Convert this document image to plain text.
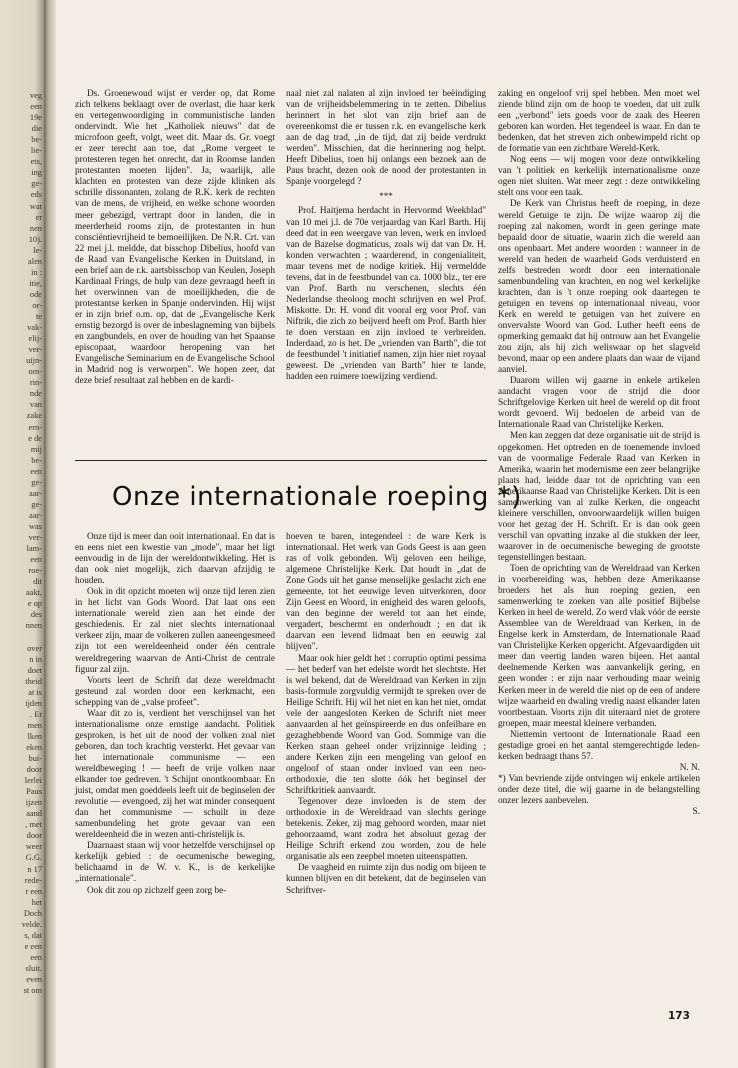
veg
een
19e
die
be-
lie-
ets,
ing
ge-
eds
wat
er
nen
10).
le-
alen
in :
itie,
ode
or-
te
vak-
elij-
ver-
uijn-
om-
rin-
nde
van
zake
ern-
e de
mij
be-
een
ge-
aar-
ge-
aar-
was
ver-
lam-
een
roe-
dit
aakt,
e op
des
nnen
over
n in
doet
theid
at is
ijden
. Er
men
lken
eken
bui-
door
lerlei
Paus
ijzen
aand
, met
door
weer
G.G.
n 17
rede-
r een
het
Doch
velde.
s, dat
e een
een
sluit.
even
st om

Ds. Groenewoud wijst er verder op, dat Rome zich telkens beklaagt over de overlast, die haar kerk en vertegenwoordiging in communistische landen ondervindt. Wie het „Katholiek nieuws" dat de microfoon geeft, volgt, weet dit. Maar ds. Gr. voegt er zeer terecht aan toe, dat „Rome vergeet te protesteren tegen het onrecht, dat in Roomse landen protestanten moeten lijden". Ja, waarlijk, alle klachten en protesten van deze zijde klinken als schrille dissonanten, zolang de R.K. kerk de rechten van de mens, de vrijheid, en welke schone woorden meer gebezigd, vertrapt door in landen, die in meerderheid rooms zijn, de protestanten in hun consciëntievrijheid te bemoeilijken. De N.R. Crt. van 22 mei j.l. meldde, dat bisschop Dibelius, hoofd van de Raad van Evangelische Kerken in Duitsland, in een brief aan de r.k. aartsbisschop van Keulen, Joseph Kardinaal Frings, de hulp van deze gevraagd heeft in het overwinnen van de moeilijkheden, die de protestantse kerken in Spanje ondervinden. Hij wijst er in zijn brief o.m. op, dat de „Evangelische Kerk ernstig bezorgd is over de inbeslagneming van bijbels en zangbundels, en over de houding van het Spaanse episcopaat, waardoor heropening van het Evangelische Seminarium en de Evangelische School in Madrid nog is verworpen". We hopen zeer, dat deze brief resultaat zal hebben en de kardi-

naal niet zal nalaten al zijn invloed ter beëindiging van de vrijheidsbelemmering in te zetten. Dibelius herinnert in het slot van zijn brief aan de overeenkomst die er tussen r.k. en evangelische kerk aan de dag trad, „in de tijd, dat zij beide verdrukt werden". Misschien, dat die herinnering nog helpt. Heeft Dibelius, toen hij onlangs een bezoek aan de Paus bracht, dezen ook de nood der protestanten in Spanje voorgelegd ?

***

Prof. Haitjema herdacht in Hervormd Weekblad" van 10 mei j.l. de 70e verjaardag van Karl Barth. Hij deed dat in een weergave van leven, werk en invloed van de Bazelse dogmaticus, zoals wij dat van Dr. H. konden verwachten ; waarderend, in congenialiteit, maar tevens met de nodige kritiek. Hij vermeldde tevens, dat in de feestbundel van ca. 1000 blz., ter ere van Prof. Barth nu verschenen, slechts één Nederlandse theoloog mocht schrijven en wel Prof. Miskotte. Dr. H. vond dit vooral erg voor Prof. van Niftrik, die zich zo beijverd heeft om Prof. Barth hier te doen verstaan en zijn invloed te verbreiden. Inderdaad, zo is het. De „vrienden van Barth", die tot de feestbundel 't initiatief namen, zijn hier niet royaal geweest. De „vrienden van Barth" hier te lande, hadden een ruimere toewijzing verdiend.

zaking en ongeloof vrij spel hebben. Men moet wel ziende blind zijn om de hoop te voeden, dat uit zulk een „verbond" iets goeds voor de zaak des Heeren geboren kan worden. Het tegendeel is waar. En dan te bedenken, dat het streven zich onbewimpeld richt op de formatie van een zichtbare Wereld-Kerk.

Nog eens — wij mogen voor deze ontwikkeling van 't politiek en kerkelijk internationalisme onze ogen niet sluiten. Wat meer zegt : deze ontwikkeling stelt ons voor een taak.

De Kerk van Christus heeft de roeping, in deze wereld Getuige te zijn. De wijze waarop zij die roeping zal nakomen, wordt in geen geringe mate bepaald door de situatie, waarin zich die wereld aan ons openbaart. Met andere woorden : wanneer in de wereld van heden de waarheid Gods verduisterd en zelfs bestreden wordt door een internationale samenbundeling van krachten, en nog wel kerkelijke krachten, dan is 't onze roeping ook daartegen te getuigen en tevens op internationaal niveau, voor Kerk en wereld te getuigen van het zuivere en onvervalste Woord van God. Luther heeft eens de opmerking gemaakt dat hij ontrouw aan het Evangelie zou zijn, als hij zich weliswaar op het slagveld bevond, maar op een andere plaats dan waar de vijand aanviel.

Daarom willen wij gaarne in enkele artikelen aandacht vragen voor de strijd die door Schriftgelovige Kerken uit heel de wereld op dit front wordt gevoerd. Wij bedoelen de arbeid van de Internationale Raad van Christelijke Kerken.

Men kan zeggen dat deze organisatie uit de strijd is opgekomen. Het optreden en de toenemende invloed van de voormalige Federale Raad van Kerken in Amerika, waarin het modernisme een zeer belangrijke plaats had, leidde daar tot de oprichting van een Amerikaanse Raad van Christelijke Kerken. Dit is een samenwerking van al zulke Kerken, die ongeacht kleinere verschillen, onvoorwaardelijk willen buigen voor het gezag der H. Schrift. Er is dan ook geen verschil van opvatting inzake al die stukken der leer, waarover in de oecumenische beweging de grootste tegenstellingen bestaan.

Toen de oprichting van de Wereldraad van Kerken in voorbereiding was, hebben deze Amerikaanse broeders het als hun roeping gezien, een samenwerking te zoeken van alle positief Bijbelse Kerken in heel de wereld. Zo werd vlak vóór de eerste Assemblee van de Wereldraad van Kerken, in de Engelse kerk in Amsterdam, de Internationale Raad van Christelijke Kerken opgericht. Afgevaardigden uit meer dan veertig landen waren bijeen. Het aantal deelnemende Kerken was aanvankelijk gering, en geen wonder : er zijn naar verhouding maar weinig Kerken meer in de wereld die niet op de een of andere wijze waarheid en dwaling vredig naast elkander laten voortbestaan. Voorts zijn dit uiteraard niet de grotere groepen, maar meestal kleinere verbanden.

Niettemin vertoont de Internationale Raad een gestadige groei en het aantal stemgerechtigde leden-kerken bedraagt thans 57.

N. N.

*) Van bevriende zijde ontvingen wij enkele artikelen onder deze titel, die wij gaarne in de belangstelling onzer lezers aanbevelen.

S.
Onze internationale roeping *)

Onze tijd is meer dan ooit internationaal. En dat is en eens niet een kwestie van „mode", maar het ligt eenvoudig in de lijn der wereldontwikkeling. Het is dan ook niet mogelijk, zich daarvan afzijdig te houden.

Ook in dit opzicht moeten wij onze tijd leren zien in het licht van Gods Woord. Dat laat ons een internationale wereld zien aan het einde der geschiedenis. Er zal niet slechts internationaal verkeer zijn, maar de volkeren zullen aaneengesmeed zijn tot een wereldeenheid onder één centrale wereldregering waarvan de Anti-Christ de centrale figuur zal zijn.

Voorts leert de Schrift dat deze wereldmacht gesteund zal worden door een kerkmacht, een schepping van de „valse profeet".

Waar dit zo is, verdient het verschijnsel van het internationalisme onze ernstige aandacht. Politiek gesproken, is het uit de nood der volken zoal niet geboren, dan toch krachtig versterkt. Het gevaar van het internationale communisme — een wereldbeweging ! — heeft de vrije volken naar elkander toe gedreven. 't Schijnt onontkoombaar. En juist, omdat men goeddeels leeft uit de beginselen der revolutie — evengoed, zij het wat minder consequent dan het communisme — schuilt in deze samenbundeling het grote gevaar van een wereldeenheid die in wezen anti-christelijk is.

Daarnaast staan wij voor hetzelfde verschijnsel op kerkelijk gebied : de oecumenische beweging, belichaamd in de W. v. K., is de kerkelijke „internationale".

Ook dit zou op zichzelf geen zorg be-

hoeven te baren, integendeel : de ware Kerk is internationaal. Het werk van Gods Geest is aan geen ras of volk gebonden. Wij geloven een heilige, algemene Christelijke Kerk. Dat houdt in „dat de Zone Gods uit het ganse menselijke geslacht zich ene gemeente, tot het eeuwige leven uitverkoren, door Zijn Geest en Woord, in enigheid des waren geloofs, van den beginne der wereld tot aan het einde, vergadert, beschermt en onderhoudt ; en dat ik daarvan een levend lidmaat ben en eeuwig zal blijven".

Maar ook hier geldt het : corruptio optimi pessima — het bederf van het edelste wordt het slechtste. Het is wel bekend, dat de Wereldraad van Kerken in zijn basis-formule zorgvuldig vermijdt te spreken over de Heilige Schrift. Hij wil het niet en kan het niet, omdat vele der aangesloten Kerken de Schrift niet meer aanvaarden al het geïnspireerde en dus onfeilbare en gezaghebbende Woord van God. Sommige van die Kerken staan geheel onder vrijzinnige leiding ; andere Kerken zijn een mengeling van geloof en ongeloof of staan onder invloed van een neo-orthodoxie, die ten slotte óók het beginsel der Schriftkritiek aanvaardt.

Tegenover deze invloeden is de stem der orthodoxie in de Wereldraad van slechts geringe betekenis. Zeker, zij mag gehoord worden, maar niet gehoorzaamd, want zodra het absoluut gezag der Heilige Schrift erkend zou worden, zou de hele organisatie als een zeepbel moeten uiteenspatten.

De vaagheid en ruimte zijn dus nodig om bijeen te kunnen blijven en dit betekent, dat de beginselen van Schriftver-

173
